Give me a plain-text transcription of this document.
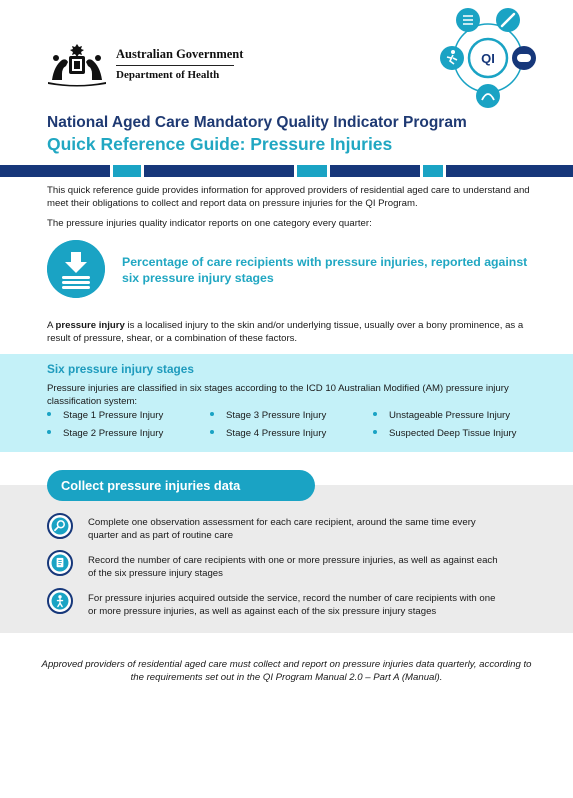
Australian Government
Department of Health
QI
National Aged Care Mandatory Quality Indicator Program
Quick Reference Guide: Pressure Injuries

This quick reference guide provides information for approved providers of residential aged care to understand and meet their obligations to collect and report data on pressure injuries for the QI Program.

The pressure injuries quality indicator reports on one category every quarter:

Percentage of care recipients with pressure injuries, reported against six pressure injury stages

A pressure injury is a localised injury to the skin and/or underlying tissue, usually over a bony prominence, as a result of pressure, shear, or a combination of these factors.

Six pressure injury stages

Pressure injuries are classified in six stages according to the ICD 10 Australian Modified (AM) pressure injury classification system:

Stage 1 Pressure Injury
Stage 2 Pressure Injury
Stage 3 Pressure Injury
Stage 4 Pressure Injury
Unstageable Pressure Injury
Suspected Deep Tissue Injury
Collect pressure injuries data

Complete one observation assessment for each care recipient, around the same time every quarter and as part of routine care

Record the number of care recipients with one or more pressure injuries, as well as against each of the six pressure injury stages

For pressure injuries acquired outside the service, record the number of care recipients with one or more pressure injuries, as well as against each of the six pressure injury stages

Approved providers of residential aged care must collect and report on pressure injuries data quarterly, according to the requirements set out in the QI Program Manual 2.0 – Part A (Manual).
